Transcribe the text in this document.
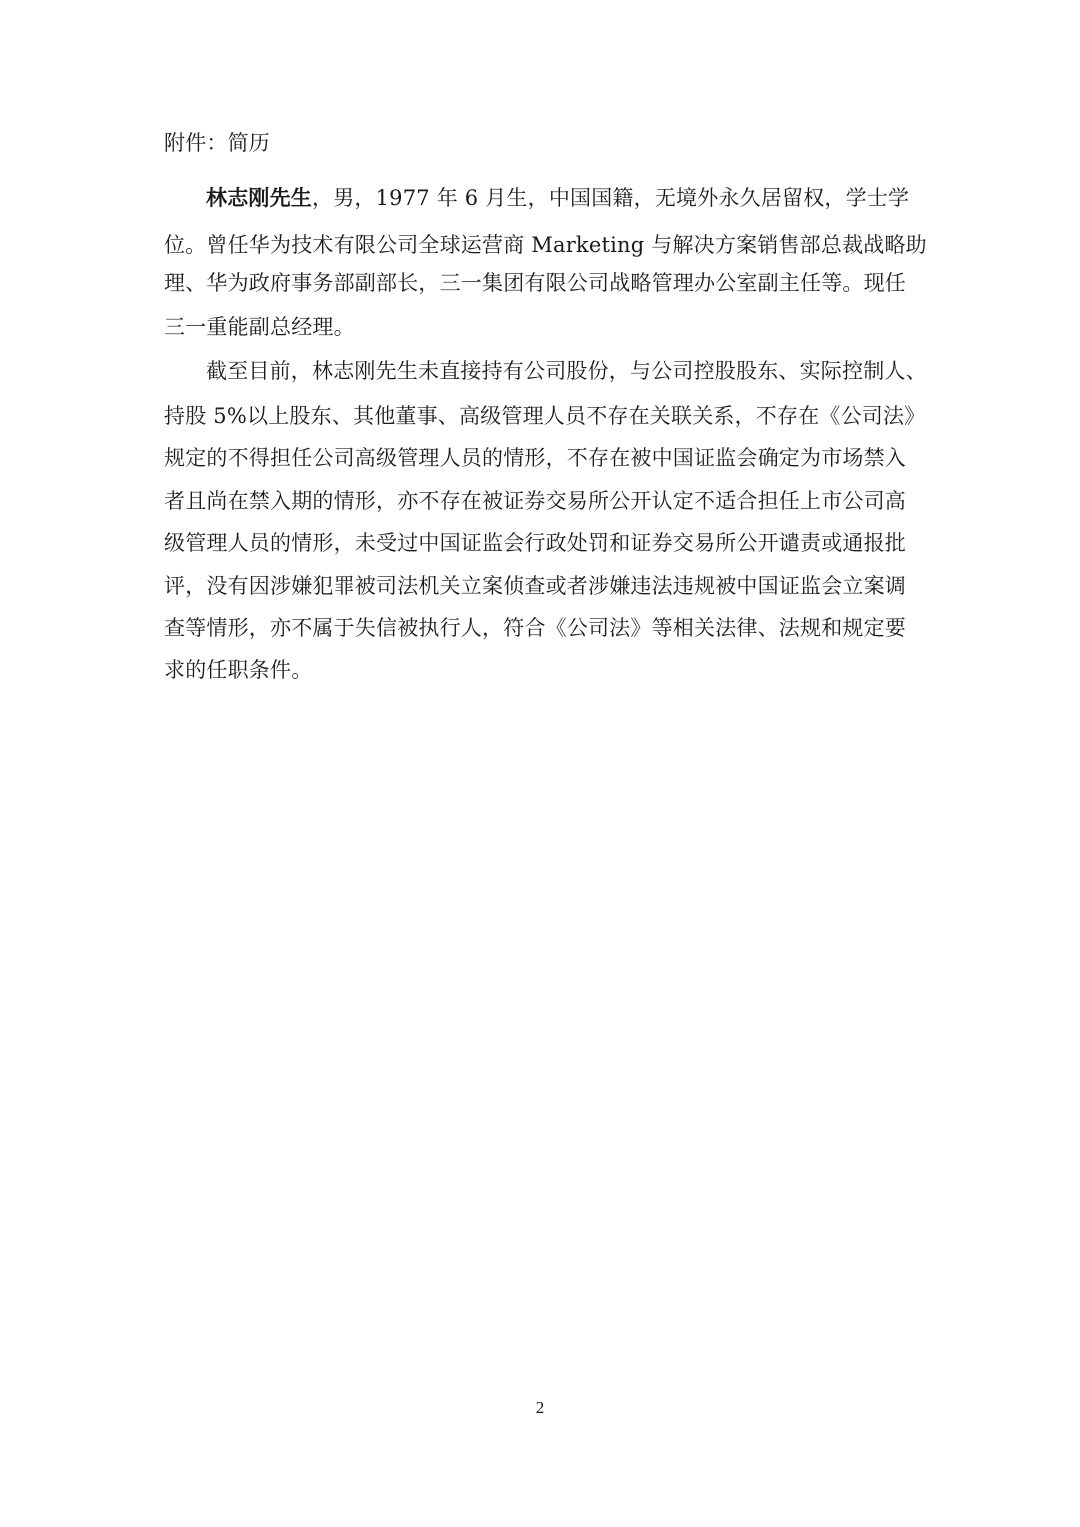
附件：简历
林志刚先生，男，1977 年 6 月生，中国国籍，无境外永久居留权，学士学
位。曾任华为技术有限公司全球运营商 Marketing 与解决方案销售部总裁战略助
理、华为政府事务部副部长，三一集团有限公司战略管理办公室副主任等。现任
三一重能副总经理。
截至目前，林志刚先生未直接持有公司股份，与公司控股股东、实际控制人、
持股 5%以上股东、其他董事、高级管理人员不存在关联关系，不存在《公司法》
规定的不得担任公司高级管理人员的情形，不存在被中国证监会确定为市场禁入
者且尚在禁入期的情形，亦不存在被证券交易所公开认定不适合担任上市公司高
级管理人员的情形，未受过中国证监会行政处罚和证券交易所公开谴责或通报批
评，没有因涉嫌犯罪被司法机关立案侦查或者涉嫌违法违规被中国证监会立案调
查等情形，亦不属于失信被执行人，符合《公司法》等相关法律、法规和规定要
求的任职条件。
2
